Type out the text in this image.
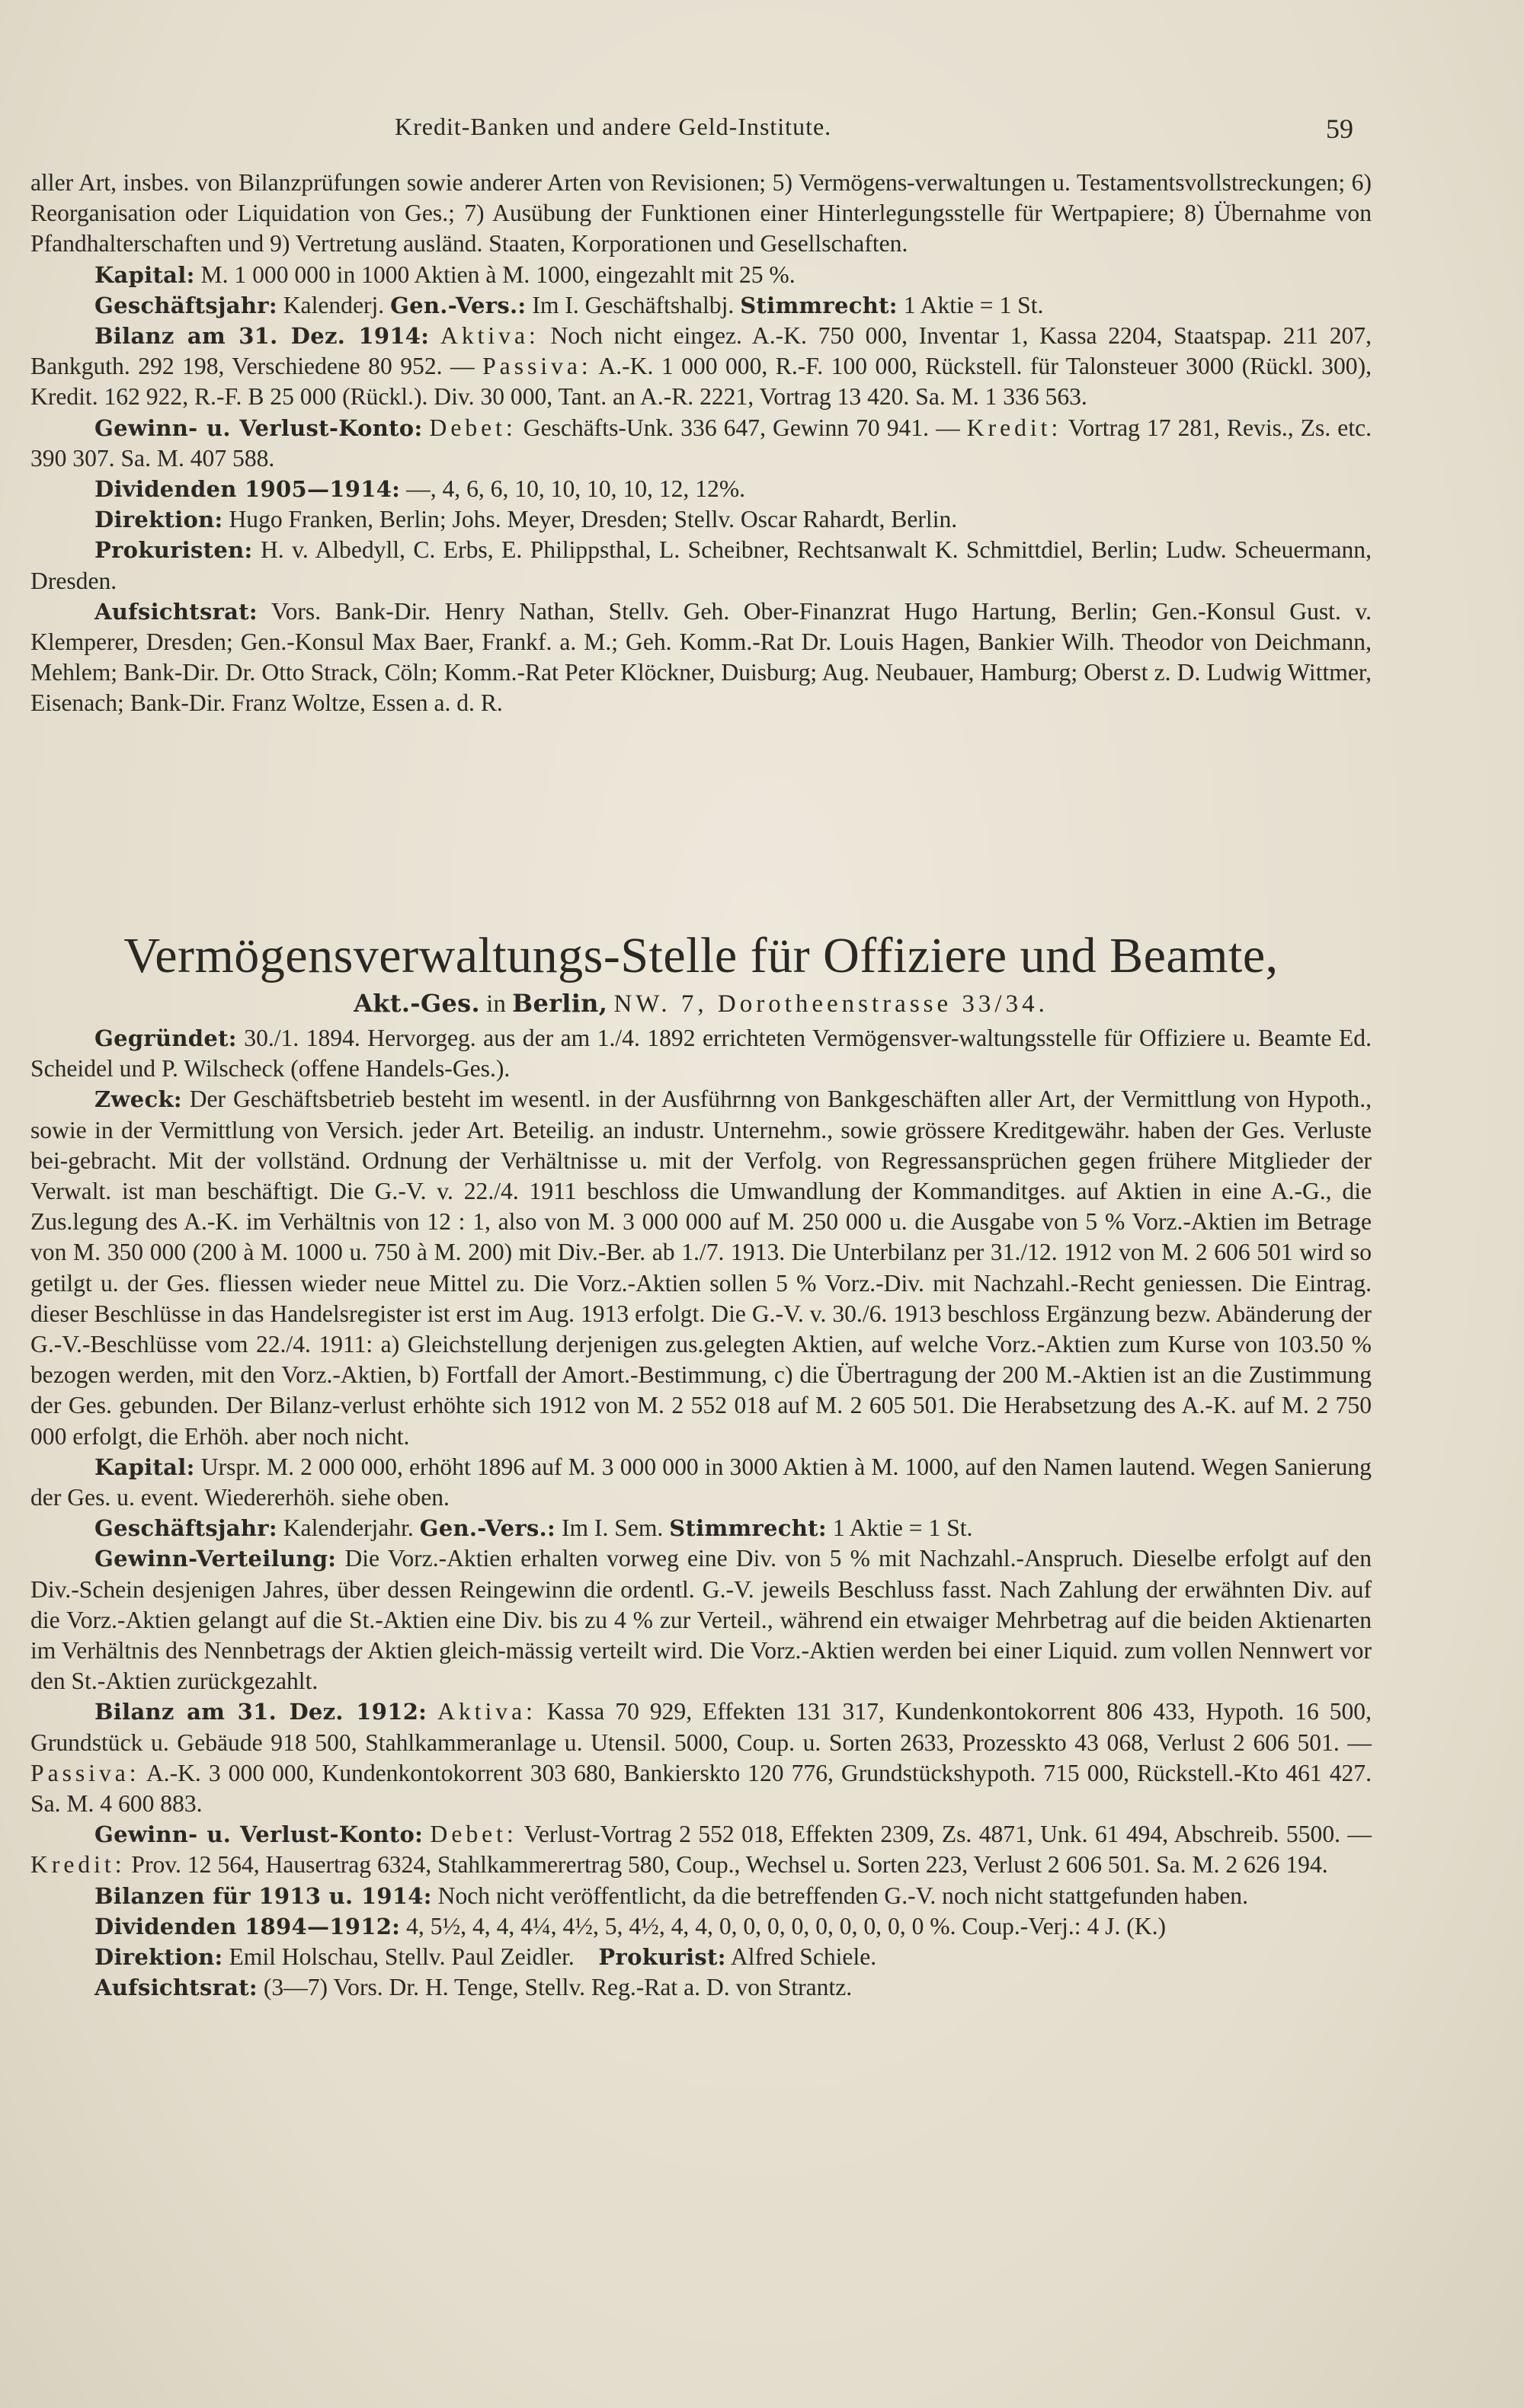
Kredit-Banken und andere Geld-Institute.	59

aller Art, insbes. von Bilanzprüfungen sowie anderer Arten von Revisionen; 5) Vermögens-verwaltungen u. Testamentsvollstreckungen; 6) Reorganisation oder Liquidation von Ges.; 7) Ausübung der Funktionen einer Hinterlegungsstelle für Wertpapiere; 8) Übernahme von Pfandhalterschaften und 9) Vertretung ausländ. Staaten, Korporationen und Gesellschaften.

Kapital: M. 1 000 000 in 1000 Aktien à M. 1000, eingezahlt mit 25 %.

Geschäftsjahr: Kalenderj. Gen.-Vers.: Im I. Geschäftshalbj. Stimmrecht: 1 Aktie = 1 St.

Bilanz am 31. Dez. 1914: Aktiva: Noch nicht eingez. A.-K. 750 000, Inventar 1, Kassa 2204, Staatspap. 211 207, Bankguth. 292 198, Verschiedene 80 952. — Passiva: A.-K. 1 000 000, R.-F. 100 000, Rückstell. für Talonsteuer 3000 (Rückl. 300), Kredit. 162 922, R.-F. B 25 000 (Rückl.). Div. 30 000, Tant. an A.-R. 2221, Vortrag 13 420. Sa. M. 1 336 563.

Gewinn- u. Verlust-Konto: Debet: Geschäfts-Unk. 336 647, Gewinn 70 941. — Kredit: Vortrag 17 281, Revis., Zs. etc. 390 307. Sa. M. 407 588.

Dividenden 1905—1914: —, 4, 6, 6, 10, 10, 10, 10, 12, 12%.

Direktion: Hugo Franken, Berlin; Johs. Meyer, Dresden; Stellv. Oscar Rahardt, Berlin.

Prokuristen: H. v. Albedyll, C. Erbs, E. Philippsthal, L. Scheibner, Rechtsanwalt K. Schmittdiel, Berlin; Ludw. Scheuermann, Dresden.

Aufsichtsrat: Vors. Bank-Dir. Henry Nathan, Stellv. Geh. Ober-Finanzrat Hugo Hartung, Berlin; Gen.-Konsul Gust. v. Klemperer, Dresden; Gen.-Konsul Max Baer, Frankf. a. M.; Geh. Komm.-Rat Dr. Louis Hagen, Bankier Wilh. Theodor von Deichmann, Mehlem; Bank-Dir. Dr. Otto Strack, Cöln; Komm.-Rat Peter Klöckner, Duisburg; Aug. Neubauer, Hamburg; Oberst z. D. Ludwig Wittmer, Eisenach; Bank-Dir. Franz Woltze, Essen a. d. R.

Vermögensverwaltungs-Stelle für Offiziere und Beamte,
Akt.-Ges. in Berlin, NW. 7, Dorotheenstrasse 33/34.

Gegründet: 30./1. 1894. Hervorgeg. aus der am 1./4. 1892 errichteten Vermögensver-waltungsstelle für Offiziere u. Beamte Ed. Scheidel und P. Wilscheck (offene Handels-Ges.).

Zweck: Der Geschäftsbetrieb besteht im wesentl. in der Ausführnng von Bankgeschäften aller Art, der Vermittlung von Hypoth., sowie in der Vermittlung von Versich. jeder Art. Beteilig. an industr. Unternehm., sowie grössere Kreditgewähr. haben der Ges. Verluste bei-gebracht. Mit der vollständ. Ordnung der Verhältnisse u. mit der Verfolg. von Regressansprüchen gegen frühere Mitglieder der Verwalt. ist man beschäftigt. Die G.-V. v. 22./4. 1911 beschloss die Umwandlung der Kommanditges. auf Aktien in eine A.-G., die Zus.legung des A.-K. im Verhältnis von 12 : 1, also von M. 3 000 000 auf M. 250 000 u. die Ausgabe von 5 % Vorz.-Aktien im Betrage von M. 350 000 (200 à M. 1000 u. 750 à M. 200) mit Div.-Ber. ab 1./7. 1913. Die Unterbilanz per 31./12. 1912 von M. 2 606 501 wird so getilgt u. der Ges. fliessen wieder neue Mittel zu. Die Vorz.-Aktien sollen 5 % Vorz.-Div. mit Nachzahl.-Recht geniessen. Die Eintrag. dieser Beschlüsse in das Handelsregister ist erst im Aug. 1913 erfolgt. Die G.-V. v. 30./6. 1913 beschloss Ergänzung bezw. Abänderung der G.-V.-Beschlüsse vom 22./4. 1911: a) Gleichstellung derjenigen zus.gelegten Aktien, auf welche Vorz.-Aktien zum Kurse von 103.50 % bezogen werden, mit den Vorz.-Aktien, b) Fortfall der Amort.-Bestimmung, c) die Übertragung der 200 M.-Aktien ist an die Zustimmung der Ges. gebunden. Der Bilanz-verlust erhöhte sich 1912 von M. 2 552 018 auf M. 2 605 501. Die Herabsetzung des A.-K. auf M. 2 750 000 erfolgt, die Erhöh. aber noch nicht.

Kapital: Urspr. M. 2 000 000, erhöht 1896 auf M. 3 000 000 in 3000 Aktien à M. 1000, auf den Namen lautend. Wegen Sanierung der Ges. u. event. Wiedererhöh. siehe oben.

Geschäftsjahr: Kalenderjahr. Gen.-Vers.: Im I. Sem. Stimmrecht: 1 Aktie = 1 St.

Gewinn-Verteilung: Die Vorz.-Aktien erhalten vorweg eine Div. von 5 % mit Nachzahl.-Anspruch. Dieselbe erfolgt auf den Div.-Schein desjenigen Jahres, über dessen Reingewinn die ordentl. G.-V. jeweils Beschluss fasst. Nach Zahlung der erwähnten Div. auf die Vorz.-Aktien gelangt auf die St.-Aktien eine Div. bis zu 4 % zur Verteil., während ein etwaiger Mehrbetrag auf die beiden Aktienarten im Verhältnis des Nennbetrags der Aktien gleich-mässig verteilt wird. Die Vorz.-Aktien werden bei einer Liquid. zum vollen Nennwert vor den St.-Aktien zurückgezahlt.

Bilanz am 31. Dez. 1912: Aktiva: Kassa 70 929, Effekten 131 317, Kundenkontokorrent 806 433, Hypoth. 16 500, Grundstück u. Gebäude 918 500, Stahlkammeranlage u. Utensil. 5000, Coup. u. Sorten 2633, Prozesskto 43 068, Verlust 2 606 501. — Passiva: A.-K. 3 000 000, Kundenkontokorrent 303 680, Bankierskto 120 776, Grundstückshypoth. 715 000, Rückstell.-Kto 461 427. Sa. M. 4 600 883.

Gewinn- u. Verlust-Konto: Debet: Verlust-Vortrag 2 552 018, Effekten 2309, Zs. 4871, Unk. 61 494, Abschreib. 5500. — Kredit: Prov. 12 564, Hausertrag 6324, Stahlkammerertrag 580, Coup., Wechsel u. Sorten 223, Verlust 2 606 501. Sa. M. 2 626 194.

Bilanzen für 1913 u. 1914: Noch nicht veröffentlicht, da die betreffenden G.-V. noch nicht stattgefunden haben.

Dividenden 1894—1912: 4, 5½, 4, 4, 4¼, 4½, 5, 4½, 4, 4, 0, 0, 0, 0, 0, 0, 0, 0, 0 %. Coup.-Verj.: 4 J. (K.)

Direktion: Emil Holschau, Stellv. Paul Zeidler. Prokurist: Alfred Schiele.

Aufsichtsrat: (3—7) Vors. Dr. H. Tenge, Stellv. Reg.-Rat a. D. von Strantz.
